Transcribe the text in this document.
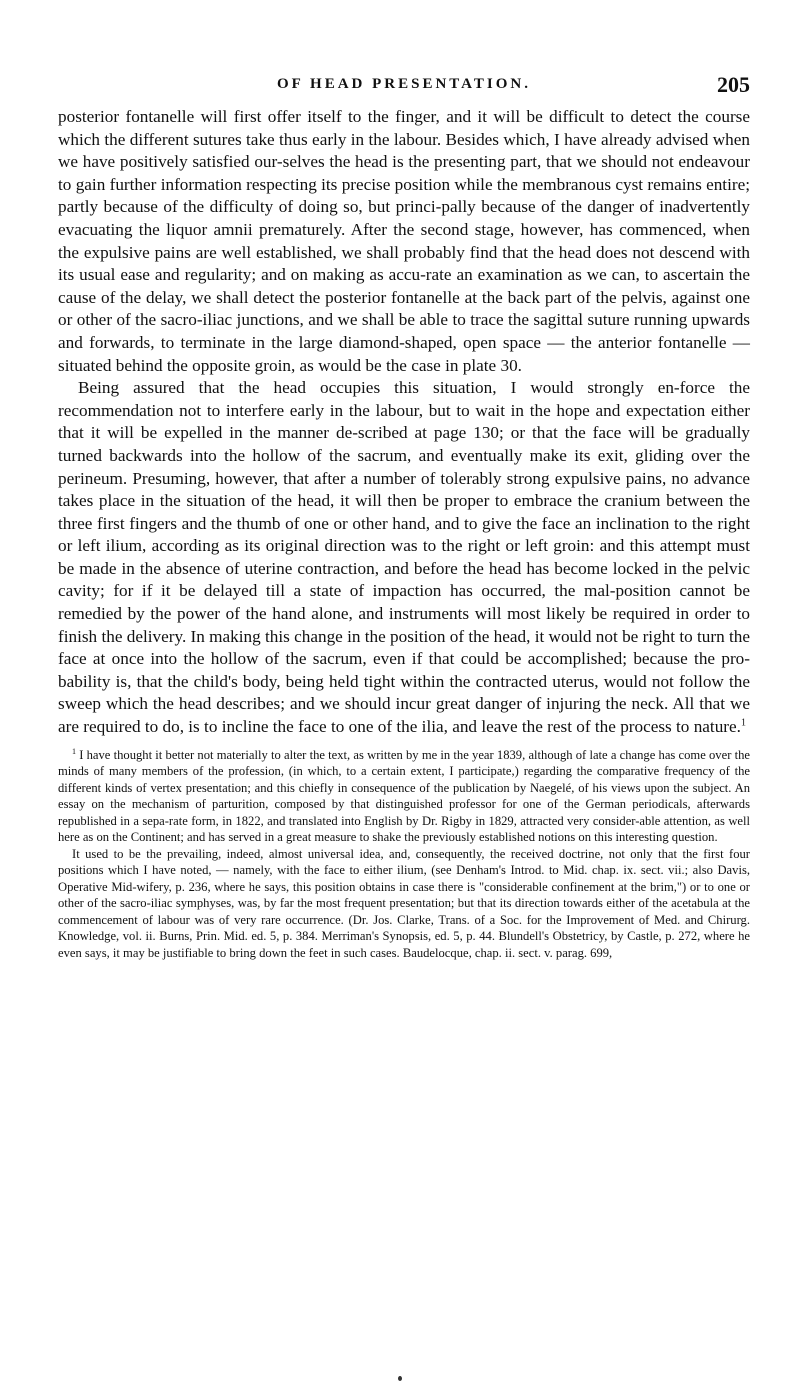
OF HEAD PRESENTATION.	205

posterior fontanelle will first offer itself to the finger, and it will be difficult to detect the course which the different sutures take thus early in the labour. Besides which, I have already advised when we have positively satisfied our-selves the head is the presenting part, that we should not endeavour to gain further information respecting its precise position while the membranous cyst remains entire; partly because of the difficulty of doing so, but princi-pally because of the danger of inadvertently evacuating the liquor amnii prematurely. After the second stage, however, has commenced, when the expulsive pains are well established, we shall probably find that the head does not descend with its usual ease and regularity; and on making as accu-rate an examination as we can, to ascertain the cause of the delay, we shall detect the posterior fontanelle at the back part of the pelvis, against one or other of the sacro-iliac junctions, and we shall be able to trace the sagittal suture running upwards and forwards, to terminate in the large diamond-shaped, open space — the anterior fontanelle — situated behind the opposite groin, as would be the case in plate 30.

Being assured that the head occupies this situation, I would strongly en-force the recommendation not to interfere early in the labour, but to wait in the hope and expectation either that it will be expelled in the manner de-scribed at page 130; or that the face will be gradually turned backwards into the hollow of the sacrum, and eventually make its exit, gliding over the perineum. Presuming, however, that after a number of tolerably strong expulsive pains, no advance takes place in the situation of the head, it will then be proper to embrace the cranium between the three first fingers and the thumb of one or other hand, and to give the face an inclination to the right or left ilium, according as its original direction was to the right or left groin: and this attempt must be made in the absence of uterine contraction, and before the head has become locked in the pelvic cavity; for if it be delayed till a state of impaction has occurred, the mal-position cannot be remedied by the power of the hand alone, and instruments will most likely be required in order to finish the delivery. In making this change in the position of the head, it would not be right to turn the face at once into the hollow of the sacrum, even if that could be accomplished; because the pro-bability is, that the child's body, being held tight within the contracted uterus, would not follow the sweep which the head describes; and we should incur great danger of injuring the neck. All that we are required to do, is to incline the face to one of the ilia, and leave the rest of the process to nature.$^1$

$^1$ I have thought it better not materially to alter the text, as written by me in the year 1839, although of late a change has come over the minds of many members of the profession, (in which, to a certain extent, I participate,) regarding the comparative frequency of the different kinds of vertex presentation; and this chiefly in consequence of the publication by Naegelé, of his views upon the subject. An essay on the mechanism of parturition, composed by that distinguished professor for one of the German periodicals, afterwards republished in a sepa-rate form, in 1822, and translated into English by Dr. Rigby in 1829, attracted very consider-able attention, as well here as on the Continent; and has served in a great measure to shake the previously established notions on this interesting question.

It used to be the prevailing, indeed, almost universal idea, and, consequently, the received doctrine, not only that the first four positions which I have noted, — namely, with the face to either ilium, (see Denham's Introd. to Mid. chap. ix. sect. vii.; also Davis, Operative Mid-wifery, p. 236, where he says, this position obtains in case there is "considerable confinement at the brim,") or to one or other of the sacro-iliac symphyses, was, by far the most frequent presentation; but that its direction towards either of the acetabula at the commencement of labour was of very rare occurrence. (Dr. Jos. Clarke, Trans. of a Soc. for the Improvement of Med. and Chirurg. Knowledge, vol. ii. Burns, Prin. Mid. ed. 5, p. 384. Merriman's Synopsis, ed. 5, p. 44. Blundell's Obstetricy, by Castle, p. 272, where he even says, it may be justifiable to bring down the feet in such cases. Baudelocque, chap. ii. sect. v. parag. 699,
